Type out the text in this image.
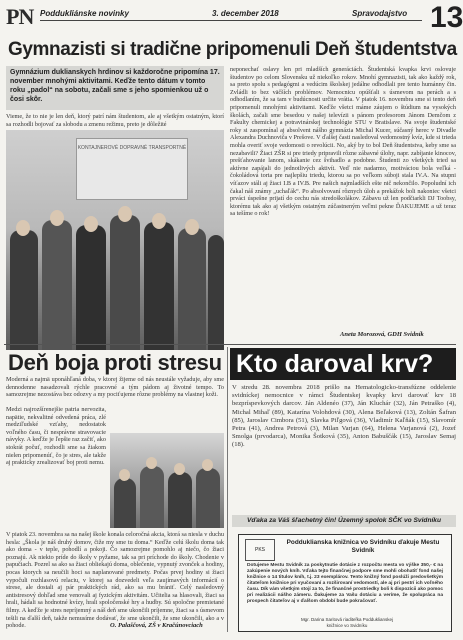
PN Poddukliánske novinky	3. december 2018	Spravodajstvo 13
Gymnazisti si tradične pripomenuli Deň študentstva
Gymnázium duklianskych hrdinov si každoročne pripomína 17. november mnohými aktivitami. Keďže tento dátum v tomto roku „padol“ na sobotu, začali sme s jeho spomienkou už o čosi skôr.
Vieme, že to nie je len deň, ktorý patrí nám študentom, ale aj všetkým ostatným, ktorí sa rozhodli bojovať za slobodu a zmenu režimu, preto je dôležité
neponechať oslavy len pri mladších generáciách. Študentská kvapka krvi oslovuje študentov po celom Slovensku už niekoľko rokov. Mnohí gymnazisti, tak ako každý rok, sa preto spolu s pedagógmi a vedúcim školskej jedálne odhodlali pre tento humánny čin. Zvládli to bez väčších problémov. Nemocnicu opúšťali s úsmevom na perách a s odhodlaním, že sa tam v budúcnosti určite vrátia. V piatok 16. novembra sme si tento deň pripomenuli mnohými aktivitami. Keďže všetci máme záujem o štúdium na vysokých školách, začali sme besedou v našej televízii s pánom profesorom Jánom Demčom z Fakulty chemickej a potravinárskej technológie STU v Bratislave. Na svoje študentské roky si zaspomínal aj absolvent nášho gymnázia Michal Kucer, súčasný herec v Divadle Alexandra Duchnoviča v Prešove. V ďalšej časti nasledoval vedomostný kvíz, kde si trieda mohla overiť svoje vedomosti o revolúcii. No, aký by to bol Deň študentstva, keby sme sa nezabavili? Žiaci ZŠR si pre triedy pripravili rôzne zábavné úlohy, napr. zabíjanie kinocov, prešťahovanie lanom, skákanie cez švihadlo a podobne. Študenti zo všetkých tried sa aktívne zapájali do jednotlivých aktivít. Veď nie nadarmo, motiváciou bola veľká - čokoládová torta pre najlepšiu triedu, ktorou sa po veľkom súboji stala IV.A. Na stupni víťazov stáli aj žiaci I.B a IV.B. Pre našich najmladších ešte nič nekončilo. Popoludní ich čakal náš známy „uchaľák“. Po absolvovaní rôznych úloh a prekážok boli nakoniec všetci prváci úspešne prijatí do cechu nás stredoškolákov. Zábavu už len podčiarkli DJ Toobsy, ktorému tak ako aj všetkým ostatným zúčastneným veľmi pekne ĎAKUJEME a už teraz sa tešíme o rok!
KONTAJNEROVÉ DOPRAVNÉ TRANSPORTNÉ
Aneta Morozová, GDH Svidník
Deň boja proti stresu
Moderná a najmä uponáhľaná doba, v ktorej žijeme od nás neustále vyžaduje, aby sme dennodenne nasadzovali rýchle pracovné a tým pádom aj životné tempo. To samozrejme nezostáva bez odozvy a my pociťujeme rôzne problémy na vlastnej koži.
Medzi najrozšírenejšie patria nervozita, napätie, nekvalitné odvedená práca, zlé medziľudské vzťahy, nedostatok voľného času, či nesprávne stravovacie návyky. A keďže je ľepšie raz začiť, ako stokrát počuť, rozhodli sme sa žiakom nielen pripomenúť, čo je stres, ale takže aj prakticky zrealizovať boj proti nemu.
V piatok 23. novembra sa na našej škole konala celoročná akcia, ktorá sa niesla v duchu hesla: „Škola je náš druhý domov, čiže my sme tu doma.“ Keďže celú školu doma tak ako doma - v teple, pohodlí a pokoji. Čo samozrejme pomohlo aj niečo, čo žiaci poznajú. Ak niekto príde do školy v pyžame, tak sa pri príchode do školy. Chodenie v papučiach. Pozrel sa ako sa žiaci obliekajú doma, oblečenie, vypnutý zvonček a hodiny, pocas ktorych sa neučili hoci sa naplanované predmety. Počas prvej hodiny si žiaci vypočuli rozhlasovú relaciu, v ktorej sa dozvedeli veľa zaujímavých informácií o strese, ale dostali aj pár praktických rád, ako sa mu brániť. Celý nasledovný antistresový dohľad sme venovali aj fyzickým aktivitám. Učitelia sa hlasovali, žiaci sa hrali, hádali sa hodnotné kvízy, hrali spoločenské hry a hudby. Sú spoločne premietané filmy. A keďže je stres nepríjemný a náš deň sme ukončili príjemne, žiaci sa s úsmevom tešili na ďalší deň, takže nemusíme dodávať, že sme ukončili, že sme ukončili, ako a v pohode.	O. Palaščová, ZŠ v Kračúnovciach
Kto daroval krv?
V stredu 28. novembra 2018 prišlo na Hematologicko-transfúzne oddelenie svidníckej nemocnice v rámci Študentskej kvapky krvi darovať krv 18 bezpríspevkových darcov. Ján Aldenéo (37), Ján Kluchár (32), Ján Petraško (4), Michal Mihaľ (89), Katarína Volohdová (30), Alena Beľaková (13), Zoltán Šafran (85), Jaroslav Cimbora (51), Slavka Piľgová (36), Vladimír Kaľňák (15), Slavomír Petra (41), Andrea Petrová (3), Milan Varjan (64), Helena Varjanová (2), Jozef Smolga (prvodarca), Monika Šotková (35), Anton Babuščák (15), Jaroslav Semaj (18).
Vďaka za Váš šľachetný čin! Územný spolok SČK vo Svidníku
PKS
Podduklianska knižnica vo Svidníku ďakuje Mestu Svidník
Dotujeme Mestu Svidník za poskytnutie dotácie z rozpočtu mesta vo výške 350,- € na zakúpenie nových kníh. Vďaka tejto finančnej podpore sme mohli obohatiť fond našej knižnice o 14 titulov kníh, t.j. 23 exemplárov. Tento knižný fond poslúži predovšetkým čitateľom knižnice pri vyučovaní a rozširovaní vedomostí, ale aj pri pestrí ich voľného času. Dík vám všetkým stojí za to, že finančné prostriedky boli k dispozícii ako pomoc pri realizácii nášho zámeru. Ďakujeme za Vašu dotáciu a veríme, že spolupráca na prospech čitateľov aj v ďalšom období bude pokračovať.
Mgr. Darina Saritová riaditeľka Podduklianskej knižnice vo Svidníku
